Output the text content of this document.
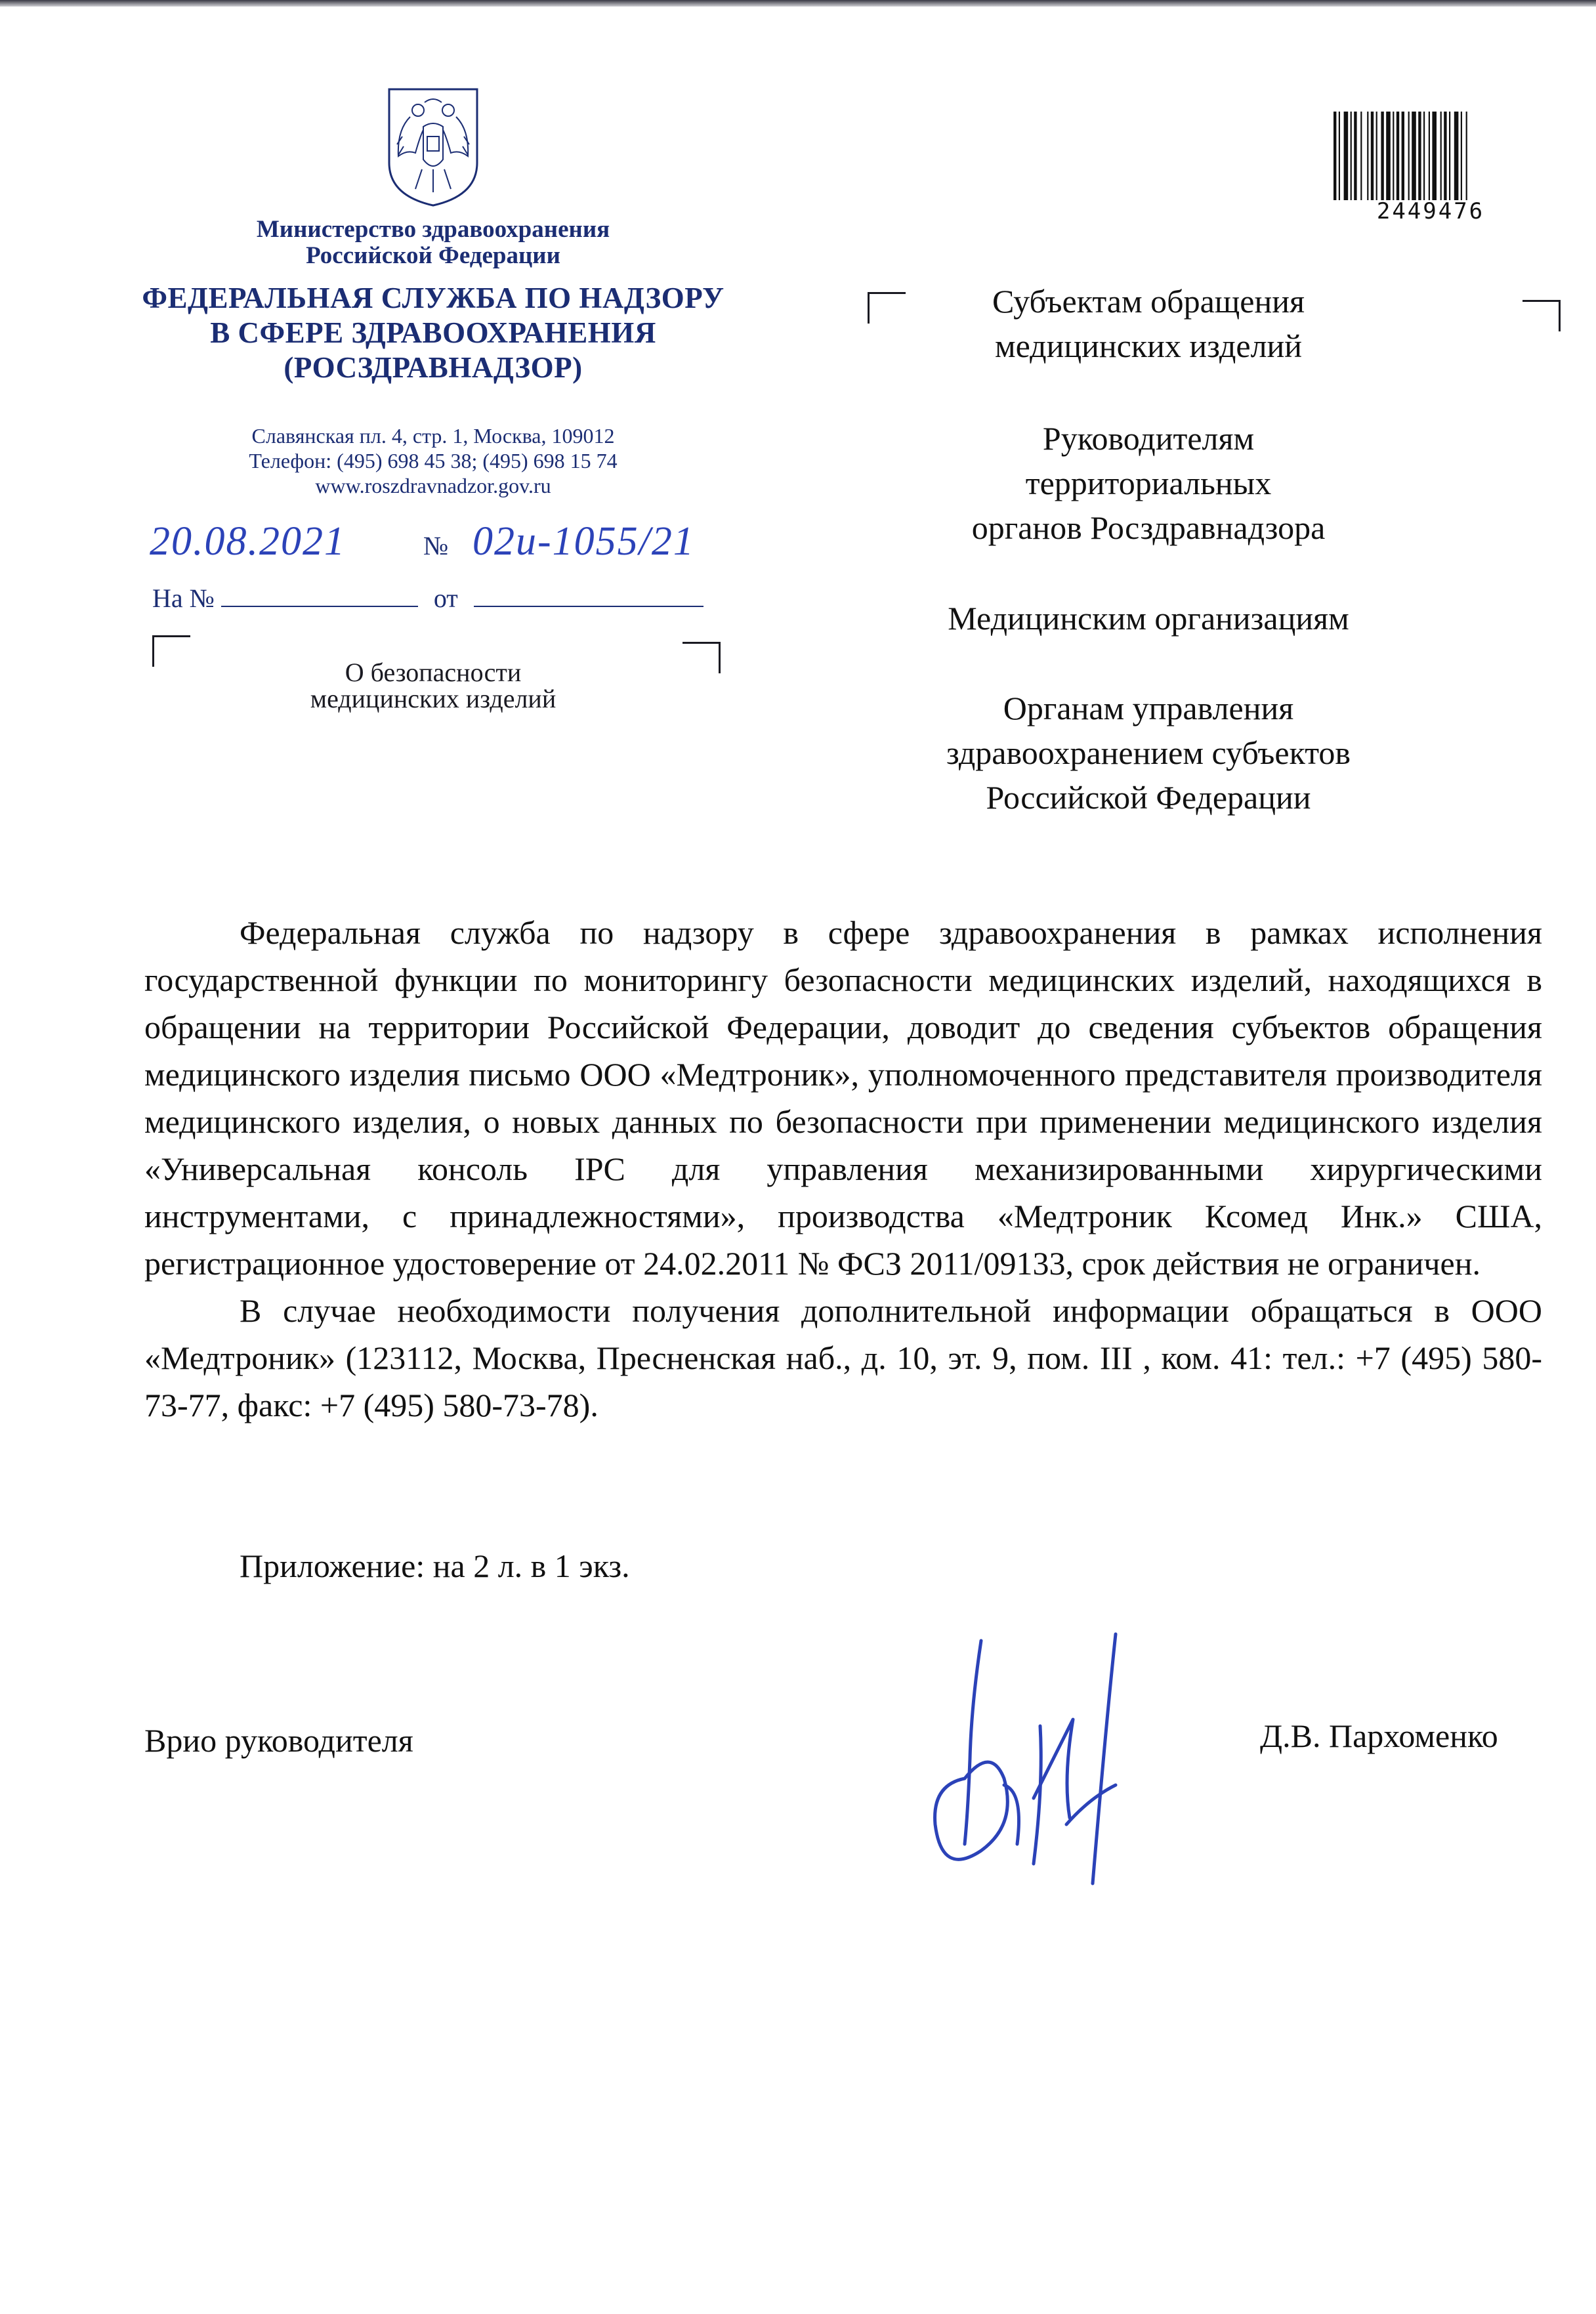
Министерство здравоохранения
Российской Федерации
ФЕДЕРАЛЬНАЯ СЛУЖБА ПО НАДЗОРУ
В СФЕРЕ ЗДРАВООХРАНЕНИЯ
(РОСЗДРАВНАДЗОР)
Славянская пл. 4, стр. 1, Москва, 109012
Телефон: (495) 698 45 38; (495) 698 15 74
www.roszdravnadzor.gov.ru
20.08.2021	№ 02и-1055/21
На №	от
О безопасности
медицинских изделий
2449476
Субъектам обращения
медицинских изделий
Руководителям
территориальных
органов Росздравнадзора
Медицинским организациям
Органам управления
здравоохранением субъектов
Российской Федерации

Федеральная служба по надзору в сфере здравоохранения в рамках исполнения государственной функции по мониторингу безопасности медицинских изделий, находящихся в обращении на территории Российской Федерации, доводит до сведения субъектов обращения медицинского изделия письмо ООО «Медтроник», уполномоченного представителя производителя медицинского изделия, о новых данных по безопасности при применении медицинского изделия «Универсальная консоль IPC для управления механизированными хирургическими инструментами, с принадлежностями», производства «Медтроник Ксомед Инк.» США, регистрационное удостоверение от 24.02.2011 № ФСЗ 2011/09133, срок действия не ограничен.

В случае необходимости получения дополнительной информации обращаться в ООО «Медтроник» (123112, Москва, Пресненская наб., д. 10, эт. 9, пом. III , ком. 41: тел.: +7 (495) 580-73-77, факс: +7 (495) 580-73-78).

Приложение: на 2 л. в 1 экз.
Врио руководителя	Д.В. Пархоменко
